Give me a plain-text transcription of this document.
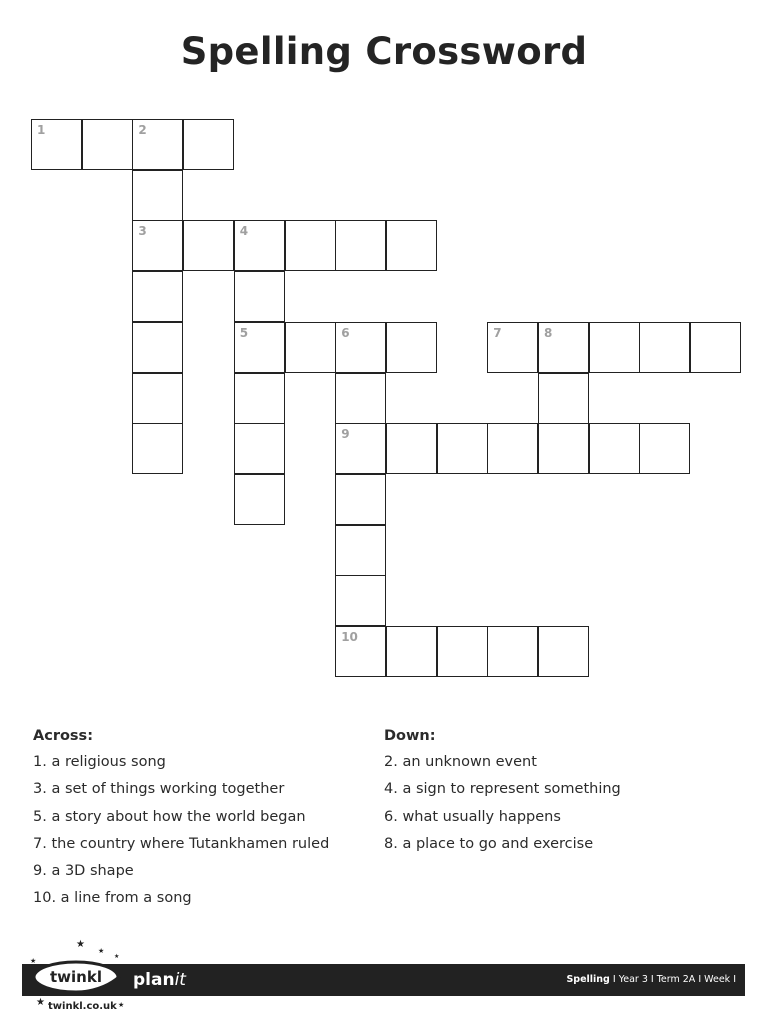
Spelling Crossword
1	2
3	4
5	6	7	8
9
10
Across:
1. a religious song
3. a set of things working together
5. a story about how the world began
7. the country where Tutankhamen ruled
9. a 3D shape
10. a line from a song
Down:
2. an unknown event
4. a sign to represent something
6. what usually happens
8. a place to go and exercise
twinkl
★
★
★
★
★	★
twinkl.co.uk
planit	Spelling I Year 3 I Term 2A I Week I
